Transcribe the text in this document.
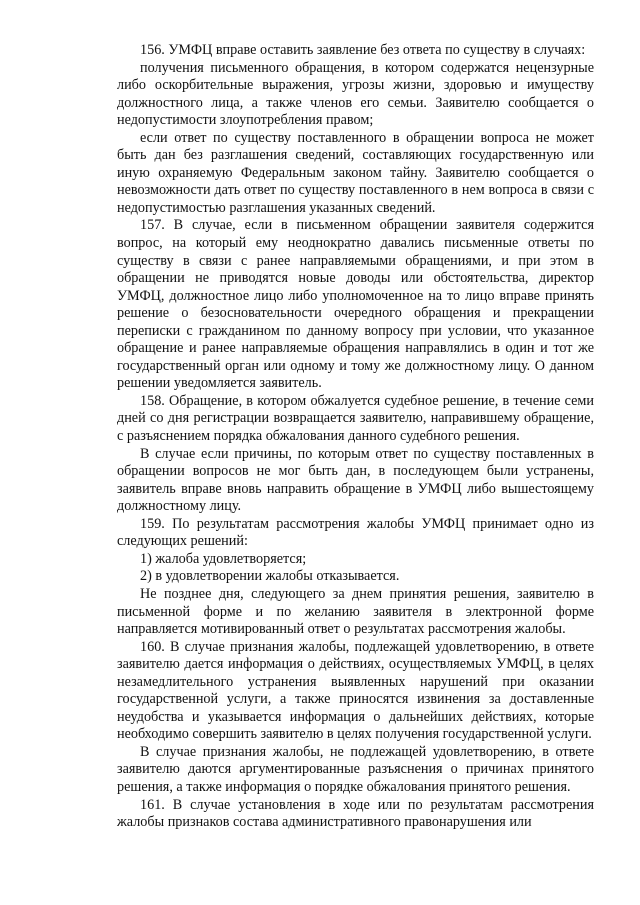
156. УМФЦ вправе оставить заявление без ответа по существу в случаях:

получения письменного обращения, в котором содержатся нецензурные либо оскорбительные выражения, угрозы жизни, здоровью и имуществу должностного лица, а также членов его семьи. Заявителю сообщается о недопустимости злоупотребления правом;

если ответ по существу поставленного в обращении вопроса не может быть дан без разглашения сведений, составляющих государственную или иную охраняемую Федеральным законом тайну. Заявителю сообщается о невозможности дать ответ по существу поставленного в нем вопроса в связи с недопустимостью разглашения указанных сведений.

157. В случае, если в письменном обращении заявителя содержится вопрос, на который ему неоднократно давались письменные ответы по существу в связи с ранее направляемыми обращениями, и при этом в обращении не приводятся новые доводы или обстоятельства, директор УМФЦ, должностное лицо либо уполномоченное на то лицо вправе принять решение о безосновательности очередного обращения и прекращении переписки с гражданином по данному вопросу при условии, что указанное обращение и ранее направляемые обращения направлялись в один и тот же государственный орган или одному и тому же должностному лицу. О данном решении уведомляется заявитель.

158. Обращение, в котором обжалуется судебное решение, в течение семи дней со дня регистрации возвращается заявителю, направившему обращение, с разъяснением порядка обжалования данного судебного решения.

В случае если причины, по которым ответ по существу поставленных в обращении вопросов не мог быть дан, в последующем были устранены, заявитель вправе вновь направить обращение в УМФЦ либо вышестоящему должностному лицу.

159. По результатам рассмотрения жалобы УМФЦ принимает одно из следующих решений:

1) жалоба удовлетворяется;

2) в удовлетворении жалобы отказывается.

Не позднее дня, следующего за днем принятия решения, заявителю в письменной форме и по желанию заявителя в электронной форме направляется мотивированный ответ о результатах рассмотрения жалобы.

160. В случае признания жалобы, подлежащей удовлетворению, в ответе заявителю дается информация о действиях, осуществляемых УМФЦ, в целях незамедлительного устранения выявленных нарушений при оказании государственной услуги, а также приносятся извинения за доставленные неудобства и указывается информация о дальнейших действиях, которые необходимо совершить заявителю в целях получения государственной услуги.

В случае признания жалобы, не подлежащей удовлетворению, в ответе заявителю даются аргументированные разъяснения о причинах принятого решения, а также информация о порядке обжалования принятого решения.

161. В случае установления в ходе или по результатам рассмотрения жалобы признаков состава административного правонарушения или
